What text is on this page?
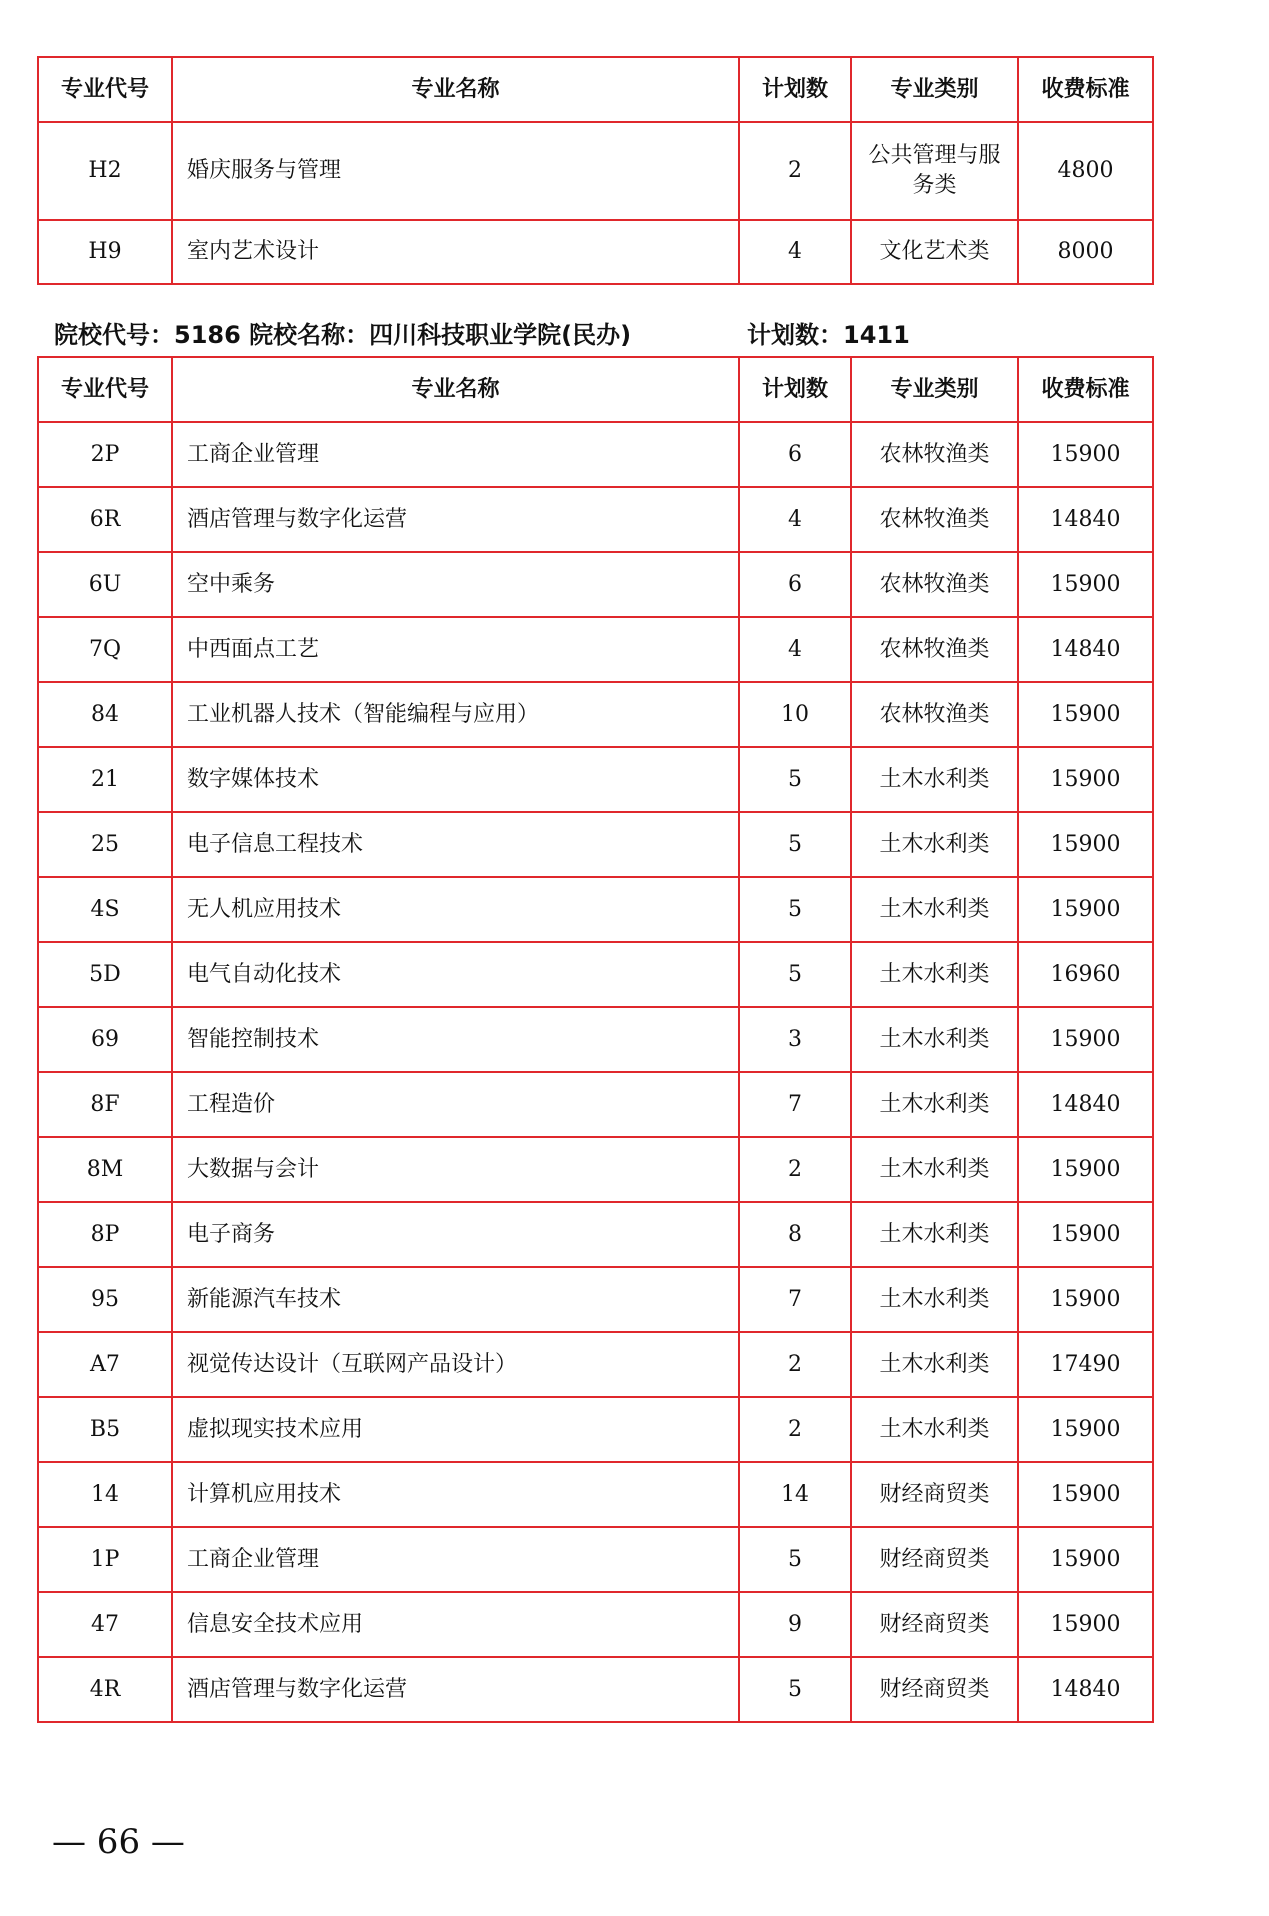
专业代号	专业名称	计划数	专业类别	收费标准
H2	婚庆服务与管理	2	公共管理与服务类	4800
H9	室内艺术设计	4	文化艺术类	8000
院校代号：5186 院校名称：四川科技职业学院(民办)	计划数：1411
专业代号	专业名称	计划数	专业类别	收费标准
2P	工商企业管理	6	农林牧渔类	15900
6R	酒店管理与数字化运营	4	农林牧渔类	14840
6U	空中乘务	6	农林牧渔类	15900
7Q	中西面点工艺	4	农林牧渔类	14840
84	工业机器人技术（智能编程与应用）	10	农林牧渔类	15900
21	数字媒体技术	5	土木水利类	15900
25	电子信息工程技术	5	土木水利类	15900
4S	无人机应用技术	5	土木水利类	15900
5D	电气自动化技术	5	土木水利类	16960
69	智能控制技术	3	土木水利类	15900
8F	工程造价	7	土木水利类	14840
8M	大数据与会计	2	土木水利类	15900
8P	电子商务	8	土木水利类	15900
95	新能源汽车技术	7	土木水利类	15900
A7	视觉传达设计（互联网产品设计）	2	土木水利类	17490
B5	虚拟现实技术应用	2	土木水利类	15900
14	计算机应用技术	14	财经商贸类	15900
1P	工商企业管理	5	财经商贸类	15900
47	信息安全技术应用	9	财经商贸类	15900
4R	酒店管理与数字化运营	5	财经商贸类	14840
— 66 —
